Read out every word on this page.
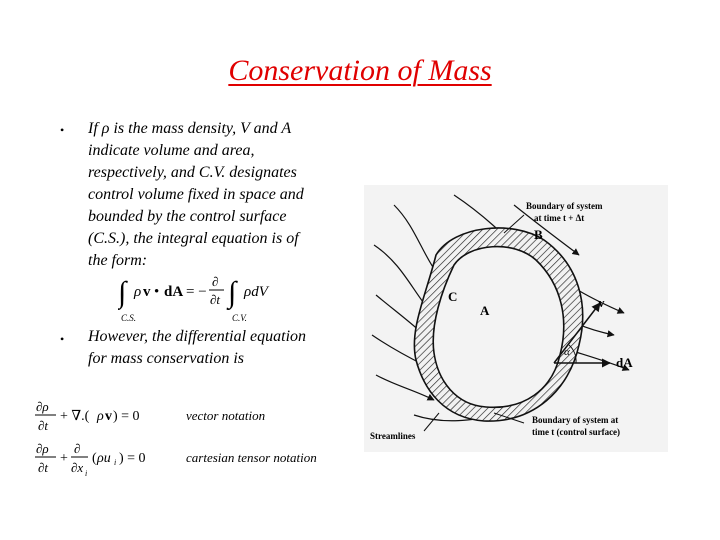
Conservation of Mass
• If ρ is the mass density, V and A
indicate volume and area,
respectively, and C.V. designates
control volume fixed in space and
bounded by the control surface
(C.S.), the integral equation is of
the form:
∫ ρ v • dA = −
∂
∂t ∫ ρdV
C.S.	C.V.
• However, the differential equation
for mass conservation is
∂ρ
∂t
+ ∇.( ρ v ) = 0	vector notation
∂ρ
∂t
+
∂
∂x i
( ρu i ) = 0	cartesian tensor notation
Boundary of system
at time t + Δt
B
C
A
v
α
dA
Boundary of system at
time t (control surface)
Streamlines
